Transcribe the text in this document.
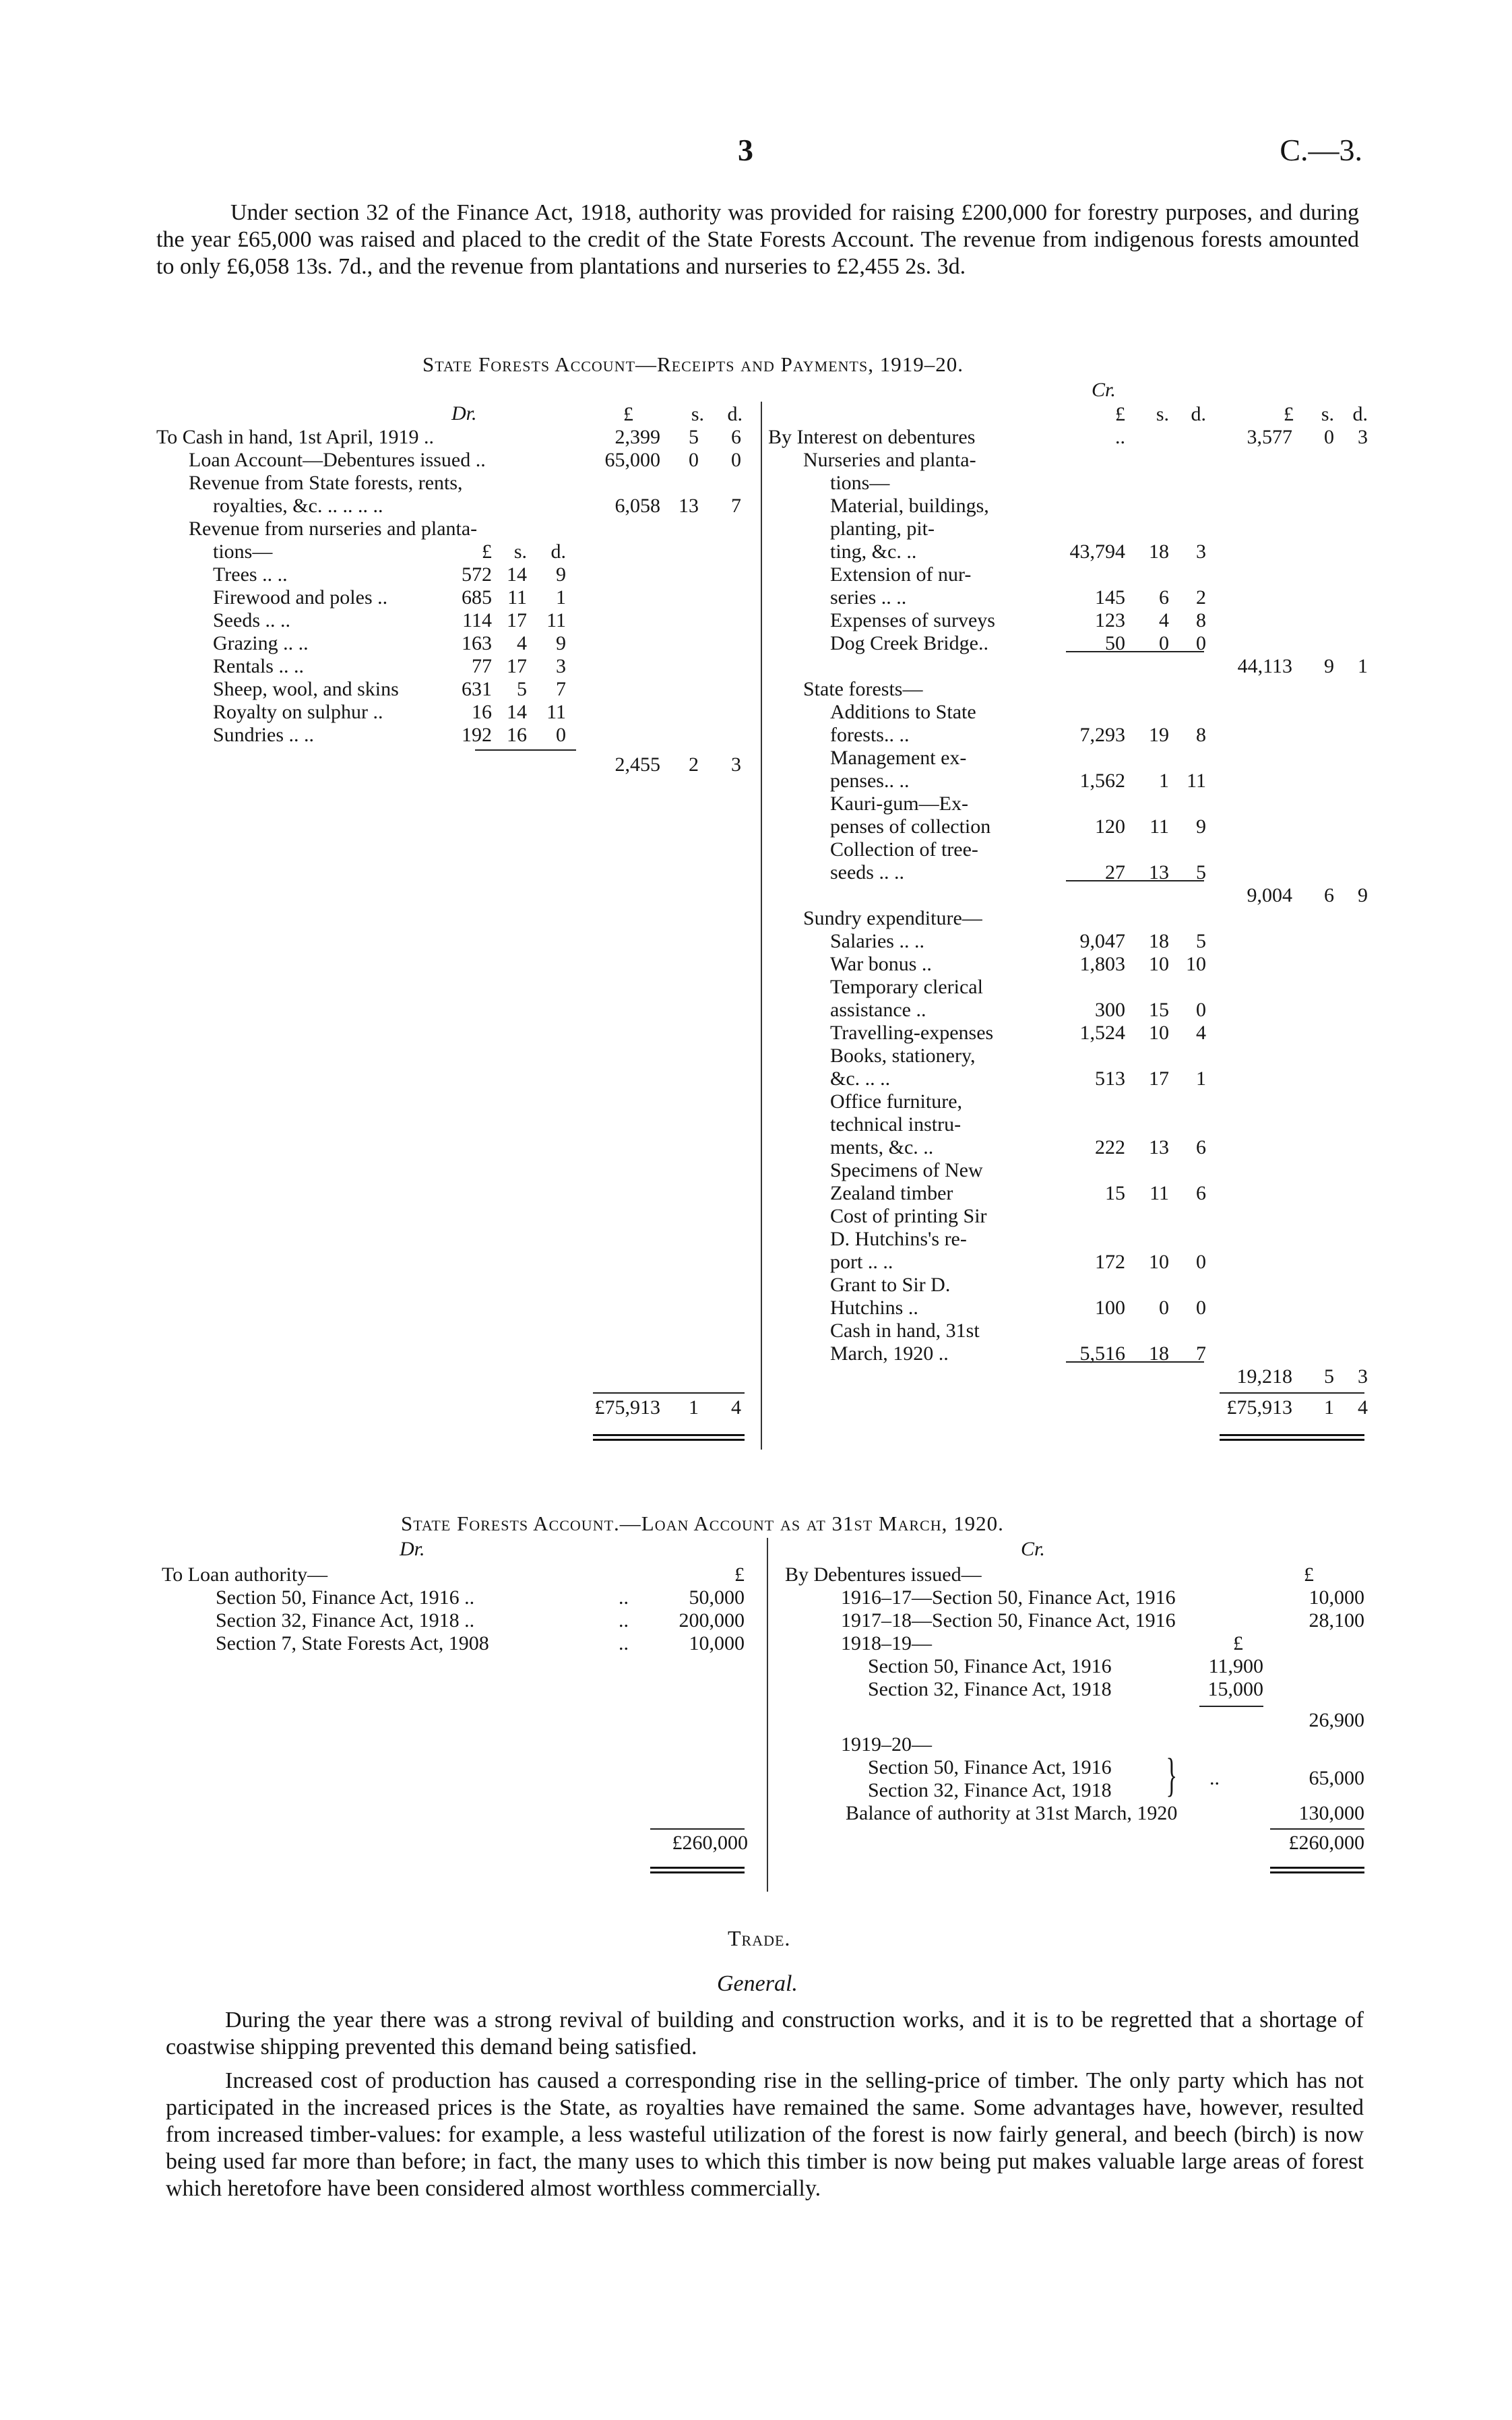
3	C.—3.
Under section 32 of the Finance Act, 1918, authority was provided for raising £200,000 for forestry purposes, and during the year £65,000 was raised and placed to the credit of the State Forests Account. The revenue from indigenous forests amounted to only £6,058 13s. 7d., and the revenue from plantations and nurseries to £2,455 2s. 3d.
State Forests Account—Receipts and Payments, 1919–20.
Dr.
Cr.
£	s.	d.
To Cash in hand, 1st April, 1919 ..	2,399	5	6
Loan Account—Debentures issued ..	65,000	0	0
Revenue from State forests, rents,
royalties, &c. .. .. .. ..	6,058 13	7
Revenue from nurseries and planta-
tions—	£	s.	d.
Trees .. ..	572 14	9
Firewood and poles ..	685 11	1
Seeds .. ..	114 17 11
Grazing .. ..	163	4	9
Rentals .. ..	77 17	3
Sheep, wool, and skins	631	5	7
Royalty on sulphur ..	16 14 11
Sundries .. ..	192 16	0
2,455	2	3
£75,913	1	4
£	s.	d.	£	s. d.
By Interest on debentures	..	3,577	0	3
Nurseries and planta-
tions—
Material, buildings,
planting, pit-
ting, &c. ..	43,794	18	3
Extension of nur-
series .. ..	145	6	2
Expenses of surveys	123	4	8
Dog Creek Bridge..	50	0	0
44,113	9	1
State forests—
Additions to State
forests.. ..	7,293	19	8
Management ex-
penses.. ..	1,562	1 11
Kauri-gum—Ex-
penses of collection	120	11	9
Collection of tree-
seeds .. ..	27	13	5
9,004	6	9
Sundry expenditure—
Salaries .. ..	9,047	18	5
War bonus ..	1,803	10 10
Temporary clerical
assistance ..	300	15	0
Travelling-expenses	1,524	10	4
Books, stationery,
&c. .. ..	513	17	1
Office furniture,
technical instru-
ments, &c. ..	222	13	6
Specimens of New
Zealand timber	15	11	6
Cost of printing Sir
D. Hutchins's re-
port .. ..	172	10	0
Grant to Sir D.
Hutchins ..	100	0	0
Cash in hand, 31st
March, 1920 ..	5,516	18	7
19,218	5	3
£75,913	1	4
State Forests Account.—Loan Account as at 31st March, 1920.
Dr.	Cr.
To Loan authority—	£
Section 50, Finance Act, 1916 ..	..	50,000
Section 32, Finance Act, 1918 ..	..	200,000
Section 7, State Forests Act, 1908	..	10,000
£260,000
By Debentures issued—	£
1916–17—Section 50, Finance Act, 1916	10,000
1917–18—Section 50, Finance Act, 1916	28,100
1918–19—	£
Section 50, Finance Act, 1916	11,900
Section 32, Finance Act, 1918	15,000
26,900
1919–20—
Section 50, Finance Act, 1916
Section 32, Finance Act, 1918 } ..	65,000
Balance of authority at 31st March, 1920	130,000
£260,000
Trade.
General.
During the year there was a strong revival of building and construction works, and it is to be regretted that a shortage of coastwise shipping prevented this demand being satisfied.
Increased cost of production has caused a corresponding rise in the selling-price of timber. The only party which has not participated in the increased prices is the State, as royalties have remained the same. Some advantages have, however, resulted from increased timber-values: for example, a less wasteful utilization of the forest is now fairly general, and beech (birch) is now being used far more than before; in fact, the many uses to which this timber is now being put makes valuable large areas of forest which heretofore have been considered almost worthless commercially.
